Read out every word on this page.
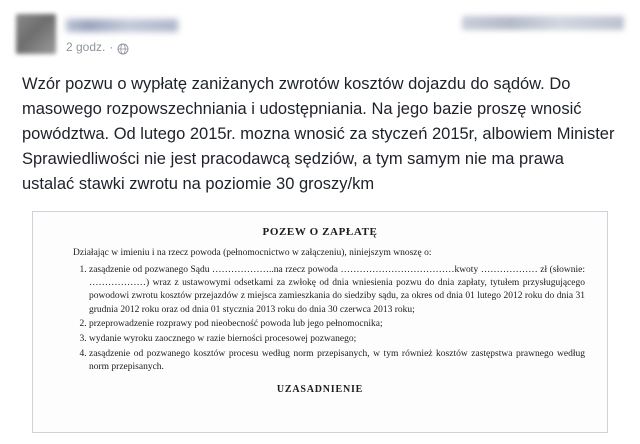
2 godz. ·
Wzór pozwu o wypłatę zaniżanych zwrotów kosztów dojazdu do sądów. Do masowego rozpowszechniania i udostępniania. Na jego bazie proszę wnosić powództwa. Od lutego 2015r. mozna wnosić za styczeń 2015r, albowiem Minister Sprawiedliwości nie jest pracodawcą sędziów, a tym samym nie ma prawa ustalać stawki zwrotu na poziomie 30 groszy/km
POZEW O ZAPŁATĘ
Działając w imieniu i na rzecz powoda (pełnomocnictwo w załączeniu), niniejszym wnoszę o:
1. zasądzenie od pozwanego Sądu ………………..na rzecz powoda ………………………………kwoty ……………… zł (słownie: ………………) wraz z ustawowymi odsetkami za zwłokę od dnia wniesienia pozwu do dnia zapłaty, tytułem przysługującego powodowi zwrotu kosztów przejazdów z miejsca zamieszkania do siedziby sądu, za okres od dnia 01 lutego 2012 roku do dnia 31 grudnia 2012 roku oraz od dnia 01 stycznia 2013 roku do dnia 30 czerwca 2013 roku;
2. przeprowadzenie rozprawy pod nieobecność powoda lub jego pełnomocnika;
3. wydanie wyroku zaocznego w razie bierności procesowej pozwanego;
4. zasądzenie od pozwanego kosztów procesu według norm przepisanych, w tym również kosztów zastępstwa prawnego według norm przepisanych.
UZASADNIENIE
